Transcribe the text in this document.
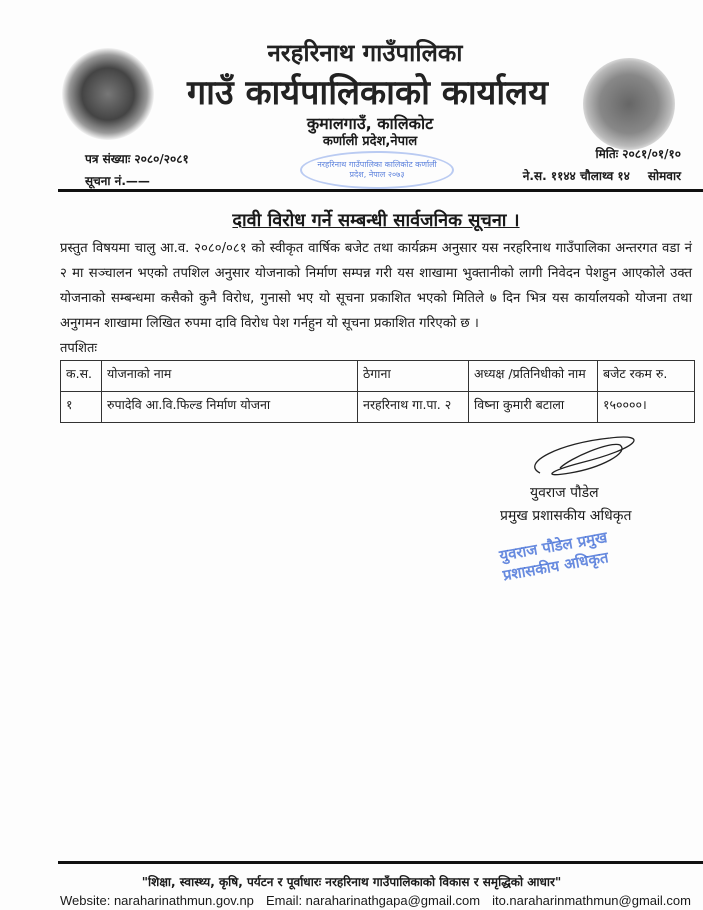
नरहरिनाथ गाउँपालिका
गाउँ कार्यपालिकाको कार्यालय
कुमालगाउँ, कालिकोट
कर्णाली प्रदेश,नेपाल
नरहरिनाथ गाउँपालिका कालिकोट कर्णाली प्रदेश, नेपाल २०७३
पत्र संख्याः २०८०/२०८१
सूचना नं.——
मितिः २०८१/०१/१०
ने.स. ११४४ चौलाथ्व १४ सोमवार
दावी विरोध गर्ने सम्बन्धी सार्वजनिक सूचना ।
प्रस्तुत विषयमा चालु आ.व. २०८०/०८१ को स्वीकृत वार्षिक बजेट तथा कार्यक्रम अनुसार यस नरहरिनाथ गाउँपालिका अन्तरगत वडा नं २ मा सञ्चालन भएको तपशिल अनुसार योजनाको निर्माण सम्पन्न गरी यस शाखामा भुक्तानीको लागी निवेदन पेशहुन आएकोले उक्त योजनाको सम्बन्धमा कसैको कुनै विरोध, गुनासो भए यो सूचना प्रकाशित भएको मितिले ७ दिन भित्र यस कार्यालयको योजना तथा अनुगमन शाखामा लिखित रुपमा दावि विरोध पेश गर्नहुन यो सूचना प्रकाशित गरिएको छ ।
तपशितः
क.स.	योजनाको नाम	ठेगाना	अध्यक्ष /प्रतिनिधीको नाम	बजेट रकम रु.
१	रुपादेवि आ.वि.फिल्ड निर्माण योजना	नरहरिनाथ गा.पा. २	विष्ना कुमारी बटाला	१५००००।
युवराज पौडेल
प्रमुख प्रशासकीय अधिकृत
युवराज पौडेल प्रमुख प्रशासकीय अधिकृत
"शिक्षा, स्वास्थ्य, कृषि, पर्यटन र पूर्वाधारः नरहरिनाथ गाउँपालिकाको विकास र समृद्धिको आधार"
Website: naraharinathmun.gov.np Email: naraharinathgapa@gmail.com ito.naraharinmathmun@gmail.com
